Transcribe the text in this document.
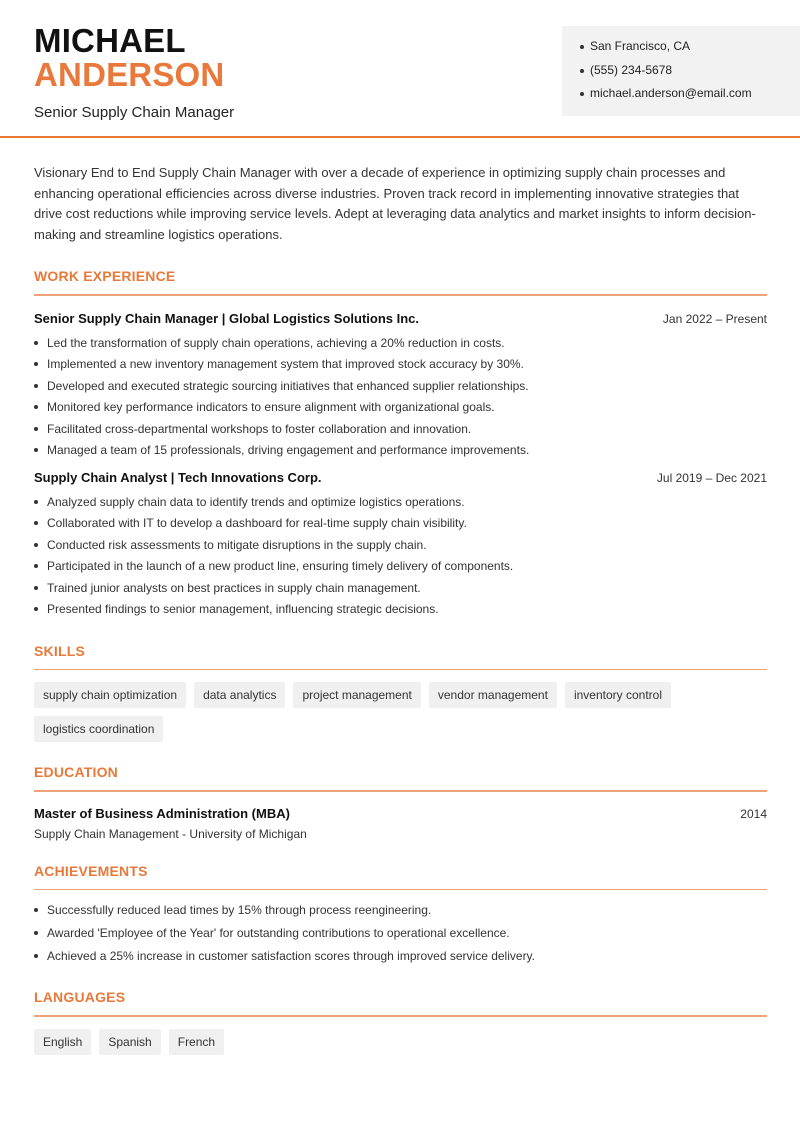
MICHAEL
ANDERSON
Senior Supply Chain Manager
San Francisco, CA
(555) 234-5678
michael.anderson@email.com

Visionary End to End Supply Chain Manager with over a decade of experience in optimizing supply chain processes and enhancing operational efficiencies across diverse industries. Proven track record in implementing innovative strategies that drive cost reductions while improving service levels. Adept at leveraging data analytics and market insights to inform decision-making and streamline logistics operations.

WORK EXPERIENCE
Senior Supply Chain Manager | Global Logistics Solutions Inc.	Jan 2022 – Present
Led the transformation of supply chain operations, achieving a 20% reduction in costs.
Implemented a new inventory management system that improved stock accuracy by 30%.
Developed and executed strategic sourcing initiatives that enhanced supplier relationships.
Monitored key performance indicators to ensure alignment with organizational goals.
Facilitated cross-departmental workshops to foster collaboration and innovation.
Managed a team of 15 professionals, driving engagement and performance improvements.
Supply Chain Analyst | Tech Innovations Corp.	Jul 2019 – Dec 2021
Analyzed supply chain data to identify trends and optimize logistics operations.
Collaborated with IT to develop a dashboard for real-time supply chain visibility.
Conducted risk assessments to mitigate disruptions in the supply chain.
Participated in the launch of a new product line, ensuring timely delivery of components.
Trained junior analysts on best practices in supply chain management.
Presented findings to senior management, influencing strategic decisions.
SKILLS
supply chain optimization	data analytics	project management	vendor management	inventory control
logistics coordination
EDUCATION
Master of Business Administration (MBA)	2014
Supply Chain Management - University of Michigan
ACHIEVEMENTS
Successfully reduced lead times by 15% through process reengineering.
Awarded 'Employee of the Year' for outstanding contributions to operational excellence.
Achieved a 25% increase in customer satisfaction scores through improved service delivery.
LANGUAGES
English	Spanish	French
